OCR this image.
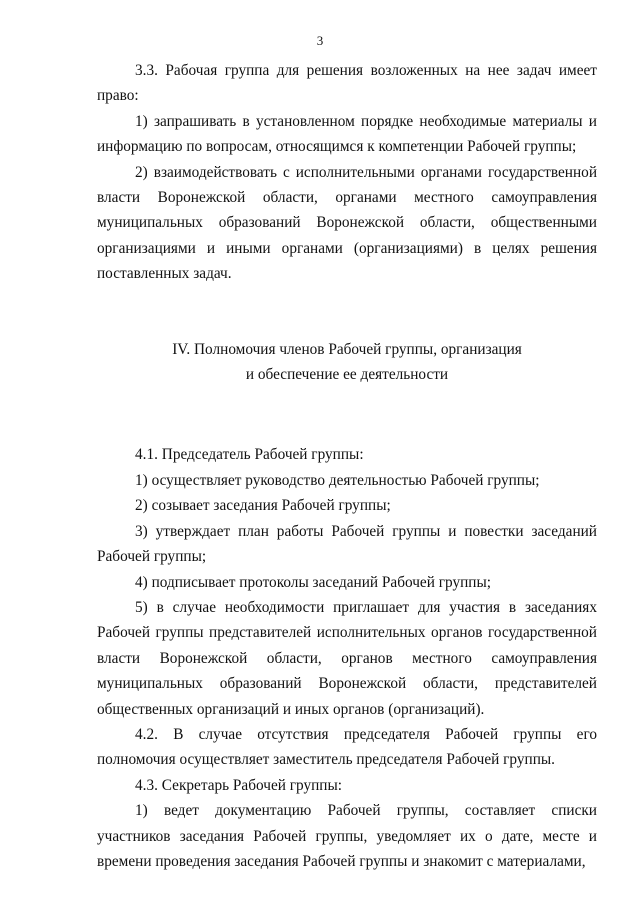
3

3.3. Рабочая группа для решения возложенных на нее задач имеет право:

1) запрашивать в установленном порядке необходимые материалы и информацию по вопросам, относящимся к компетенции Рабочей группы;

2) взаимодействовать с исполнительными органами государственной власти Воронежской области, органами местного самоуправления муниципальных образований Воронежской области, общественными организациями и иными органами (организациями) в целях решения поставленных задач.

IV. Полномочия членов Рабочей группы, организация
и обеспечение ее деятельности

4.1. Председатель Рабочей группы:

1) осуществляет руководство деятельностью Рабочей группы;

2) созывает заседания Рабочей группы;

3) утверждает план работы Рабочей группы и повестки заседаний Рабочей группы;

4) подписывает протоколы заседаний Рабочей группы;

5) в случае необходимости приглашает для участия в заседаниях Рабочей группы представителей исполнительных органов государственной власти Воронежской области, органов местного самоуправления муниципальных образований Воронежской области, представителей общественных организаций и иных органов (организаций).

4.2. В случае отсутствия председателя Рабочей группы его полномочия осуществляет заместитель председателя Рабочей группы.

4.3. Секретарь Рабочей группы:

1) ведет документацию Рабочей группы, составляет списки участников заседания Рабочей группы, уведомляет их о дате, месте и времени проведения заседания Рабочей группы и знакомит с материалами,
